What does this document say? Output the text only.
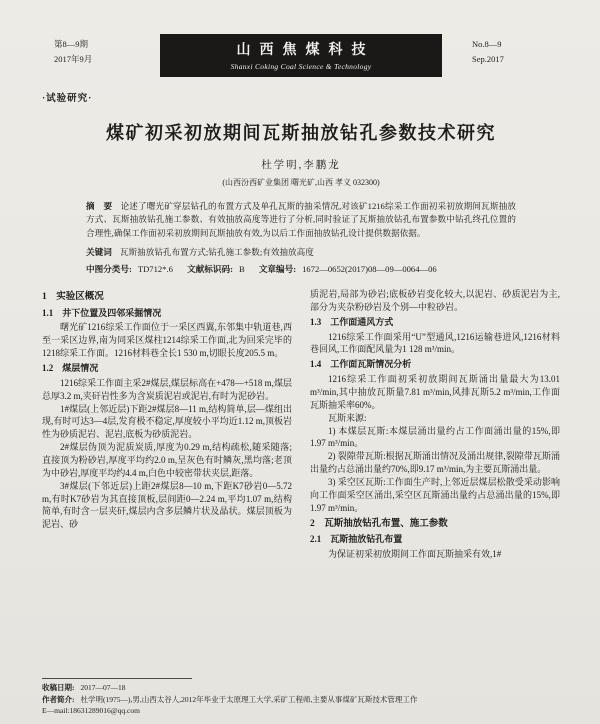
第8—9期
2017年9月
山西焦煤科技
Shanxi Coking Coal Science & Technology
No.8—9
Sep.2017
·试验研究·
煤矿初采初放期间瓦斯抽放钻孔参数技术研究
杜学明,李鹏龙
(山西汾西矿业集团 曙光矿,山西 孝义 032300)

摘　要 论述了曙光矿穿层钻孔的布置方式及单孔瓦斯的抽采情况,对该矿1216综采工作面初采初放期间瓦斯抽放方式、瓦斯抽放钻孔施工参数、有效抽放高度等进行了分析,同时验证了瓦斯抽放钻孔布置参数中钻孔终孔位置的合理性,确保工作面初采初放期间瓦斯抽放有效,为以后工作面抽放钻孔设计提供数据依据。

关键词 瓦斯抽放钻孔布置方式;钻孔施工参数;有效抽放高度

中图分类号: TD712*.6 文献标识码: B 文章编号: 1672—0652(2017)08—09—0064—06

1　实验区概况
1.1　井下位置及四邻采掘情况

曙光矿1216综采工作面位于一采区西翼,东邻集中轨道巷,西至一采区边界,南为同采区煤柱1214综采工作面,北为回采完毕的1218综采工作面。1216材料巷全长1 530 m,切眼长度205.5 m。

1.2　煤层情况

1216综采工作面主采2#煤层,煤层标高在+478—+518 m,煤层总厚3.2 m,夹矸岩性多为含炭质泥岩或泥岩,有时为泥砂岩。

1#煤层(上邻近层)下距2#煤层8—11 m,结构简单,层—煤组出现,有时可达3—4层,发育极不稳定,厚度较小平均近1.12 m,顶板岩性为砂质泥岩、泥岩,底板为砂质泥岩。

2#煤层伪顶为泥质炭质,厚度为0.29 m,结构疏松,随采随落;直接顶为粉砂岩,厚度平均约2.0 m,呈灰色有时鳞灰,黑均落;老顶为中砂岩,厚度平均约4.4 m,白色中较密带状夹层,距落。

3#煤层(下邻近层)上距2#煤层8—10 m,下距K7砂岩0—5.72 m,有时K7砂岩为其直接顶板,层间距0—2.24 m,平均1.07 m,结构简单,有时含一层夹矸,煤层内含多层鳞片状及晶状。煤层顶板为泥岩、砂

质泥岩,局部为砂岩;底板砂岩变化较大,以泥岩、砂质泥岩为主,部分为夹杂粉砂岩及个别—中粒砂岩。

1.3　工作面通风方式

1216综采工作面采用“U”型通风,1216运输巷进风,1216材料巷回风,工作面配风量为1 128 m³/min。

1.4　工作面瓦斯情况分析

1216综采工作面初采初放期间瓦斯涌出量最大为13.01 m³/min,其中抽放瓦斯量7.81 m³/min,风排瓦斯5.2 m³/min,工作面瓦斯抽采率60%。

瓦斯来源:

1) 本煤层瓦斯:本煤层涌出量约占工作面涌出量的15%,即1.97 m³/min。

2) 裂隙带瓦斯:根据瓦斯涌出情况及涌出规律,裂隙带瓦斯涌出量约占总涌出量约70%,即9.17 m³/min,为主要瓦斯涌出量。

3) 采空区瓦斯:工作面生产时,上邻近层煤层松散受采动影响向工作面采空区涌出,采空区瓦斯涌出量约占总涌出量的15%,即1.97 m³/min。

2　瓦斯抽放钻孔布置、施工参数
2.1　瓦斯抽放钻孔布置

为保证初采初放期间工作面瓦斯抽采有效,1#

收稿日期: 2017—07—18
作者简介: 杜学明(1975—),男,山西太谷人,2012年毕业于太原理工大学,采矿工程师,主要从事煤矿瓦斯技术管理工作
E—mail:18631289016@qq.com
